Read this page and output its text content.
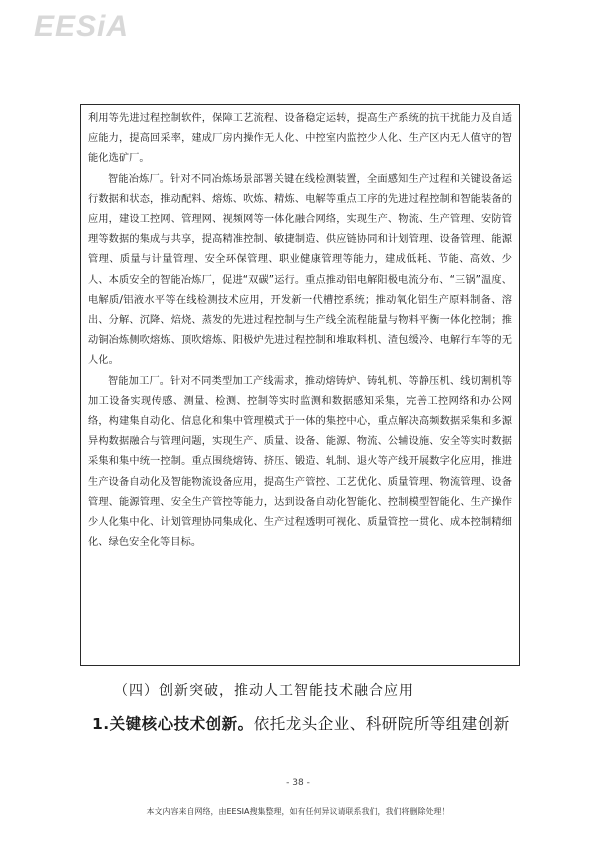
EESiA

利用等先进过程控制软件，保障工艺流程、设备稳定运转，提高生产系统的抗干扰能力及自适应能力，提高回采率，建成厂房内操作无人化、中控室内监控少人化、生产区内无人值守的智能化选矿厂。

智能冶炼厂。针对不同冶炼场景部署关键在线检测装置，全面感知生产过程和关键设备运行数据和状态，推动配料、熔炼、吹炼、精炼、电解等重点工序的先进过程控制和智能装备的应用，建设工控网、管理网、视频网等一体化融合网络，实现生产、物流、生产管理、安防管理等数据的集成与共享，提高精准控制、敏捷制造、供应链协同和计划管理、设备管理、能源管理、质量与计量管理、安全环保管理、职业健康管理等能力，建成低耗、节能、高效、少人、本质安全的智能冶炼厂，促进“双碳”运行。重点推动铝电解阳极电流分布、“三锅”温度、电解质/铝液水平等在线检测技术应用，开发新一代槽控系统；推动氧化铝生产原料制备、溶出、分解、沉降、焙烧、蒸发的先进过程控制与生产线全流程能量与物料平衡一体化控制；推动铜冶炼侧吹熔炼、顶吹熔炼、阳极炉先进过程控制和堆取料机、渣包缓冷、电解行车等的无人化。

智能加工厂。针对不同类型加工产线需求，推动熔铸炉、铸轧机、等静压机、线切割机等加工设备实现传感、测量、检测、控制等实时监测和数据感知采集，完善工控网络和办公网络，构建集自动化、信息化和集中管理模式于一体的集控中心，重点解决高频数据采集和多源异构数据融合与管理问题，实现生产、质量、设备、能源、物流、公辅设施、安全等实时数据采集和集中统一控制。重点围绕熔铸、挤压、锻造、轧制、退火等产线开展数字化应用，推进生产设备自动化及智能物流设备应用，提高生产管控、工艺优化、质量管理、物流管理、设备管理、能源管理、安全生产管控等能力，达到设备自动化智能化、控制模型智能化、生产操作少人化集中化、计划管理协同集成化、生产过程透明可视化、质量管控一贯化、成本控制精细化、绿色安全化等目标。

（四）创新突破，推动人工智能技术融合应用
1.关键核心技术创新。依托龙头企业、科研院所等组建创新
- 38 -
本文内容来自网络，由EESIA搜集整理，如有任何异议请联系我们，我们将删除处理！
